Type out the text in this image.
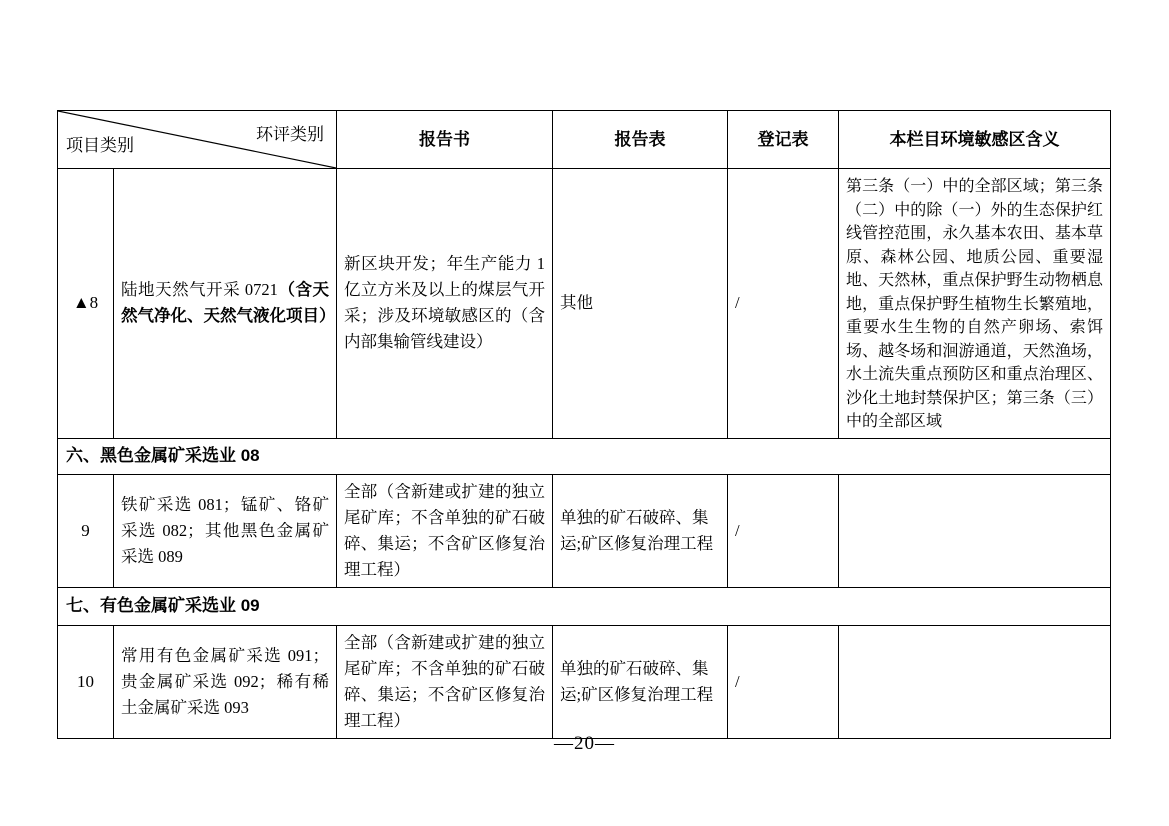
环评类别
项目类别		报告书	报告表	登记表	本栏目环境敏感区含义
▲8	陆地天然气开采 0721（含天然气净化、天然气液化项目）	新区块开发；年生产能力 1 亿立方米及以上的煤层气开采；涉及环境敏感区的（含内部集输管线建设）	其他	/	第三条（一）中的全部区域；第三条（二）中的除（一）外的生态保护红线管控范围，永久基本农田、基本草原、森林公园、地质公园、重要湿地、天然林，重点保护野生动物栖息地，重点保护野生植物生长繁殖地，重要水生生物的自然产卵场、索饵场、越冬场和洄游通道，天然渔场，水土流失重点预防区和重点治理区、沙化土地封禁保护区；第三条（三）中的全部区域
六、黑色金属矿采选业 08					
9	铁矿采选 081；锰矿、铬矿采选 082；其他黑色金属矿采选 089	全部（含新建或扩建的独立尾矿库；不含单独的矿石破碎、集运；不含矿区修复治理工程）	单独的矿石破碎、集运;矿区修复治理工程	/	
七、有色金属矿采选业 09					
10	常用有色金属矿采选 091；贵金属矿采选 092；稀有稀土金属矿采选 093	全部（含新建或扩建的独立尾矿库；不含单独的矿石破碎、集运；不含矿区修复治理工程）	单独的矿石破碎、集运;矿区修复治理工程	/	
—20—
